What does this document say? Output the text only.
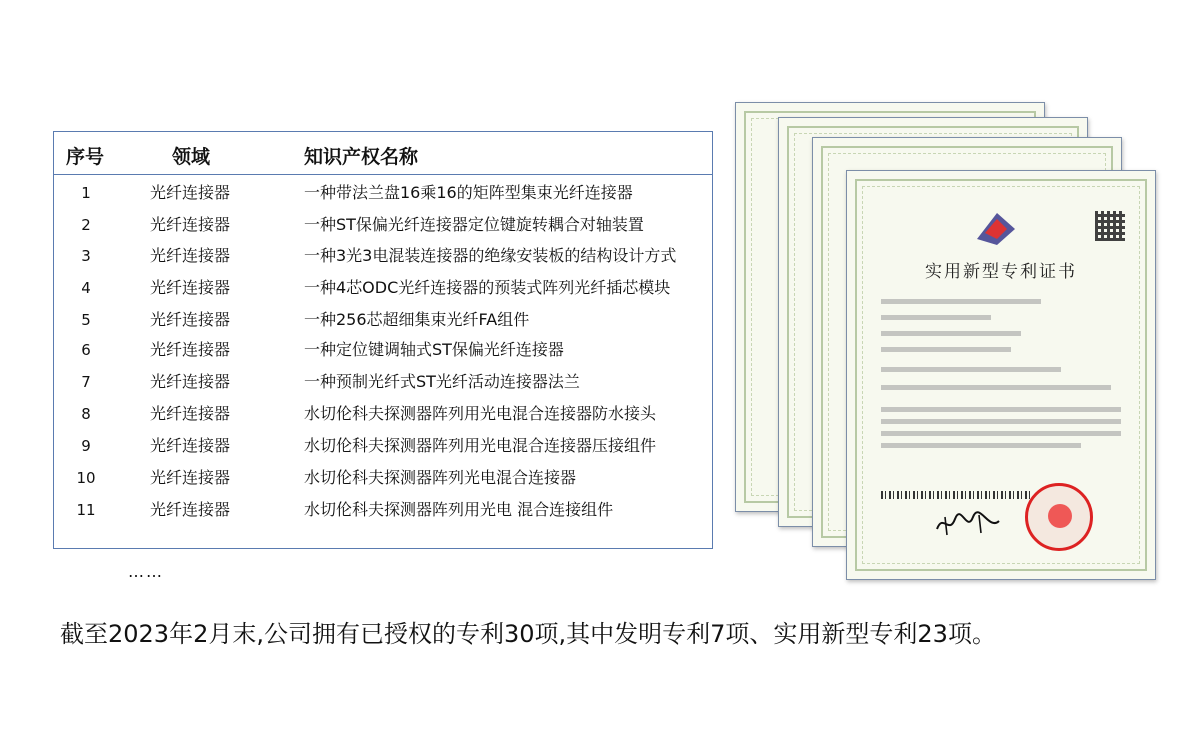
序号	领域	知识产权名称
1	光纤连接器	一种带法兰盘16乘16的矩阵型集束光纤连接器
2	光纤连接器	一种ST保偏光纤连接器定位键旋转耦合对轴装置
3	光纤连接器	一种3光3电混装连接器的绝缘安装板的结构设计方式
4	光纤连接器	一种4芯ODC光纤连接器的预装式阵列光纤插芯模块
5	光纤连接器	一种256芯超细集束光纤FA组件
6	光纤连接器	一种定位键调轴式ST保偏光纤连接器
7	光纤连接器	一种预制光纤式ST光纤活动连接器法兰
8	光纤连接器	水切伦科夫探测器阵列用光电混合连接器防水接头
9	光纤连接器	水切伦科夫探测器阵列用光电混合连接器压接组件
10	光纤连接器	水切伦科夫探测器阵列光电混合连接器
11	光纤连接器	水切伦科夫探测器阵列用光电 混合连接组件
……
截至2023年2月末,公司拥有已授权的专利30项,其中发明专利7项、实用新型专利23项。
实用新型专利证书
